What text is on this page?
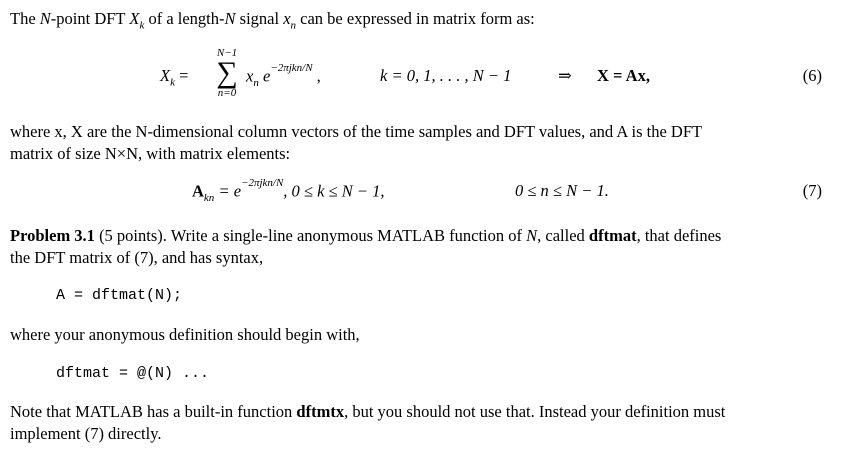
The N-point DFT $X_k$ of a length-N signal $x_n$ can be expressed in matrix form as:
$X_k$ =
N−1
∑
n=0
$x_n$ $e^{-2\pi jkn/N}$ ,	k = 0, 1, . . . , N − 1	⇒ X = Ax,	(6)
where x, X are the N-dimensional column vectors of the time samples and DFT values, and A is the DFT
matrix of size N×N, with matrix elements:
$A_{kn} = e^{-2\pi jkn/N}$, 0 ≤ k ≤ N − 1,	0 ≤ n ≤ N − 1.	(7)
Problem 3.1 (5 points). Write a single-line anonymous MATLAB function of N, called dftmat, that defines
the DFT matrix of (7), and has syntax,
A = dftmat(N);
where your anonymous definition should begin with,
dftmat = @(N) ...
Note that MATLAB has a built-in function dftmtx, but you should not use that. Instead your definition must
implement (7) directly.
